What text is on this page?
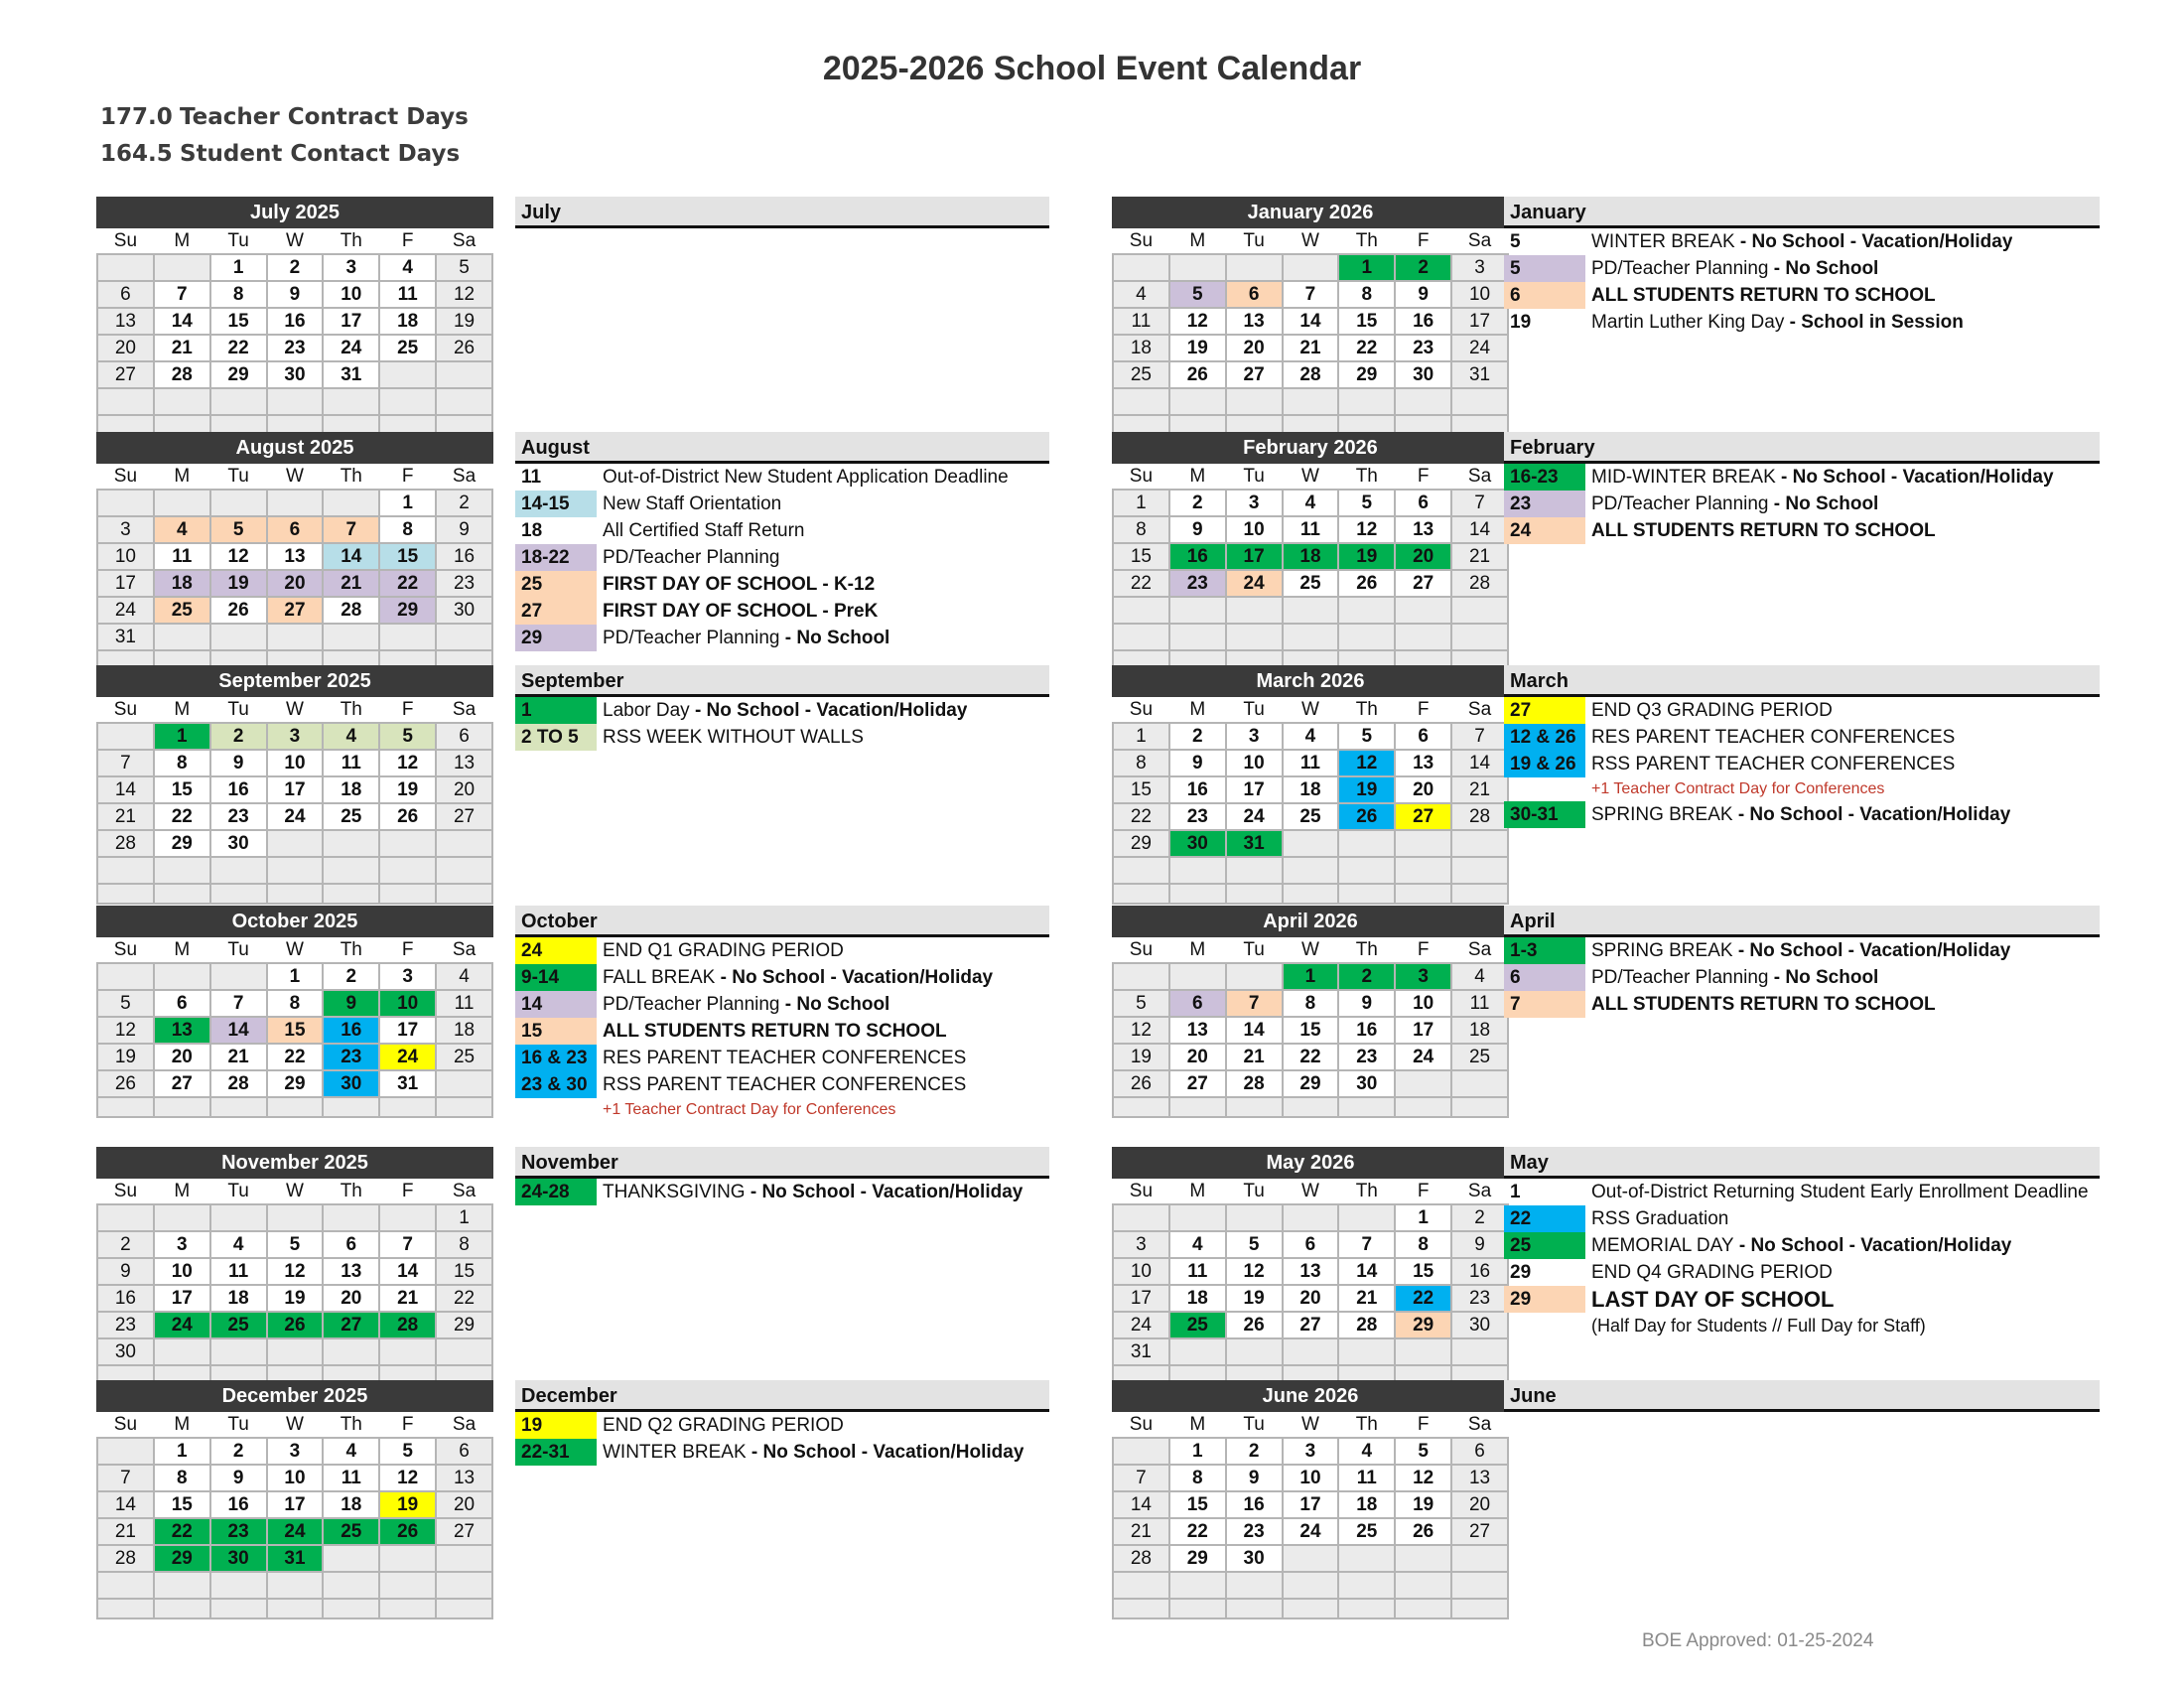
2025-2026 School Event Calendar
177.0 Teacher Contract Days
164.5 Student Contact Days
July 2025
Su	M	Tu	W	Th	F	Sa
		1	2	3	4	5
6	7	8	9	10	11	12
13	14	15	16	17	18	19
20	21	22	23	24	25	26
27	28	29	30	31		

July
August 2025
Su	M	Tu	W	Th	F	Sa
					1	2
3	4	5	6	7	8	9
10	11	12	13	14	15	16
17	18	19	20	21	22	23
24	25	26	27	28	29	30
31						

August
11	Out-of-District New Student Application Deadline
14-15	New Staff Orientation
18	All Certified Staff Return
18-22	PD/Teacher Planning
25	FIRST DAY OF SCHOOL - K-12
27	FIRST DAY OF SCHOOL - PreK
29	PD/Teacher Planning - No School
September 2025
Su	M	Tu	W	Th	F	Sa
	1	2	3	4	5	6
7	8	9	10	11	12	13
14	15	16	17	18	19	20
21	22	23	24	25	26	27
28	29	30				

September
1	Labor Day - No School - Vacation/Holiday
2 TO 5	RSS WEEK WITHOUT WALLS
October 2025
Su	M	Tu	W	Th	F	Sa
			1	2	3	4
5	6	7	8	9	10	11
12	13	14	15	16	17	18
19	20	21	22	23	24	25
26	27	28	29	30	31	

October
24	END Q1 GRADING PERIOD
9-14	FALL BREAK - No School - Vacation/Holiday
14	PD/Teacher Planning - No School
15	ALL STUDENTS RETURN TO SCHOOL
16 & 23 RES PARENT TEACHER CONFERENCES
23 & 30 RSS PARENT TEACHER CONFERENCES
+1 Teacher Contract Day for Conferences
November 2025
Su	M	Tu	W	Th	F	Sa
						1
2	3	4	5	6	7	8
9	10	11	12	13	14	15
16	17	18	19	20	21	22
23	24	25	26	27	28	29
30						

November
24-28	THANKSGIVING - No School - Vacation/Holiday
December 2025
Su	M	Tu	W	Th	F	Sa
	1	2	3	4	5	6
7	8	9	10	11	12	13
14	15	16	17	18	19	20
21	22	23	24	25	26	27
28	29	30	31			

December
19	END Q2 GRADING PERIOD
22-31	WINTER BREAK - No School - Vacation/Holiday
January 2026
Su	M	Tu	W	Th	F	Sa
				1	2	3
4	5	6	7	8	9	10
11	12	13	14	15	16	17
18	19	20	21	22	23	24
25	26	27	28	29	30	31

January
5	WINTER BREAK - No School - Vacation/Holiday
5	PD/Teacher Planning - No School
6	ALL STUDENTS RETURN TO SCHOOL
19	Martin Luther King Day - School in Session
February 2026
Su	M	Tu	W	Th	F	Sa
1	2	3	4	5	6	7
8	9	10	11	12	13	14
15	16	17	18	19	20	21
22	23	24	25	26	27	28

February
16-23	MID-WINTER BREAK - No School - Vacation/Holiday
23	PD/Teacher Planning - No School
24	ALL STUDENTS RETURN TO SCHOOL
March 2026
Su	M	Tu	W	Th	F	Sa
1	2	3	4	5	6	7
8	9	10	11	12	13	14
15	16	17	18	19	20	21
22	23	24	25	26	27	28
29	30	31				

March
27	END Q3 GRADING PERIOD
12 & 26 RES PARENT TEACHER CONFERENCES
19 & 26 RSS PARENT TEACHER CONFERENCES
+1 Teacher Contract Day for Conferences
30-31	SPRING BREAK - No School - Vacation/Holiday
April 2026
Su	M	Tu	W	Th	F	Sa
			1	2	3	4
5	6	7	8	9	10	11
12	13	14	15	16	17	18
19	20	21	22	23	24	25
26	27	28	29	30		

April
1-3	SPRING BREAK - No School - Vacation/Holiday
6	PD/Teacher Planning - No School
7	ALL STUDENTS RETURN TO SCHOOL
May 2026
Su	M	Tu	W	Th	F	Sa
					1	2
3	4	5	6	7	8	9
10	11	12	13	14	15	16
17	18	19	20	21	22	23
24	25	26	27	28	29	30
31						

May
1	Out-of-District Returning Student Early Enrollment Deadline
22	RSS Graduation
25	MEMORIAL DAY - No School - Vacation/Holiday
29	END Q4 GRADING PERIOD
29	LAST DAY OF SCHOOL
(Half Day for Students // Full Day for Staff)
June 2026
Su	M	Tu	W	Th	F	Sa
	1	2	3	4	5	6
7	8	9	10	11	12	13
14	15	16	17	18	19	20
21	22	23	24	25	26	27
28	29	30				

June
BOE Approved: 01-25-2024
